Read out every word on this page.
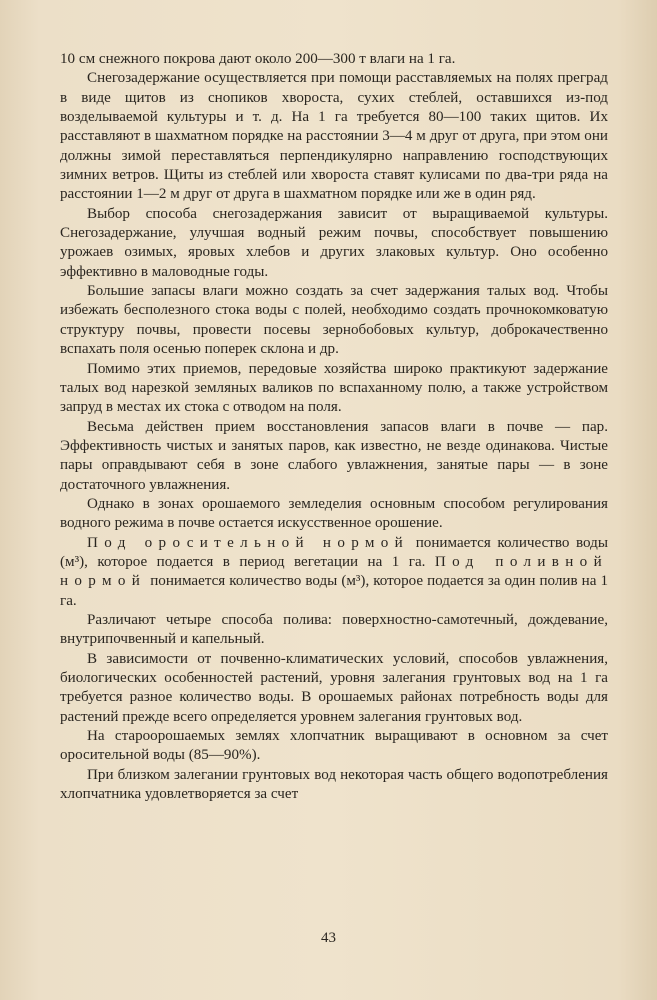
10 см снежного покрова дают около 200—300 т влаги на 1 га.

Снегозадержание осуществляется при помощи расставляемых на полях преград в виде щитов из снопиков хвороста, сухих стеблей, оставшихся из-под возделываемой культуры и т. д. На 1 га требуется 80—100 таких щитов. Их расставляют в шахматном порядке на расстоянии 3—4 м друг от друга, при этом они должны зимой переставляться перпендикулярно направлению господствующих зимних ветров. Щиты из стеблей или хвороста ставят кулисами по два-три ряда на расстоянии 1—2 м друг от друга в шахматном порядке или же в один ряд.

Выбор способа снегозадержания зависит от выращиваемой культуры. Снегозадержание, улучшая водный режим почвы, способствует повышению урожаев озимых, яровых хлебов и других злаковых культур. Оно особенно эффективно в маловодные годы.

Большие запасы влаги можно создать за счет задержания талых вод. Чтобы избежать бесполезного стока воды с полей, необходимо создать прочнокомковатую структуру почвы, провести посевы зернобобовых культур, доброкачественно вспахать поля осенью поперек склона и др.

Помимо этих приемов, передовые хозяйства широко практикуют задержание талых вод нарезкой земляных валиков по вспаханному полю, а также устройством запруд в местах их стока с отводом на поля.

Весьма действен прием восстановления запасов влаги в почве — пар. Эффективность чистых и занятых паров, как известно, не везде одинакова. Чистые пары оправдывают себя в зоне слабого увлажнения, занятые пары — в зоне достаточного увлажнения.

Однако в зонах орошаемого земледелия основным способом регулирования водного режима в почве остается искусственное орошение.

Под оросительной нормой понимается количество воды (м³), которое подается в период вегетации на 1 га. Под поливной нормой понимается количество воды (м³), которое подается за один полив на 1 га.

Различают четыре способа полива: поверхностно-самотечный, дождевание, внутрипочвенный и капельный.

В зависимости от почвенно-климатических условий, способов увлажнения, биологических особенностей растений, уровня залегания грунтовых вод на 1 га требуется разное количество воды. В орошаемых районах потребность воды для растений прежде всего определяется уровнем залегания грунтовых вод.

На староорошаемых землях хлопчатник выращивают в основном за счет оросительной воды (85—90%).

При близком залегании грунтовых вод некоторая часть общего водопотребления хлопчатника удовлетворяется за счет

43
